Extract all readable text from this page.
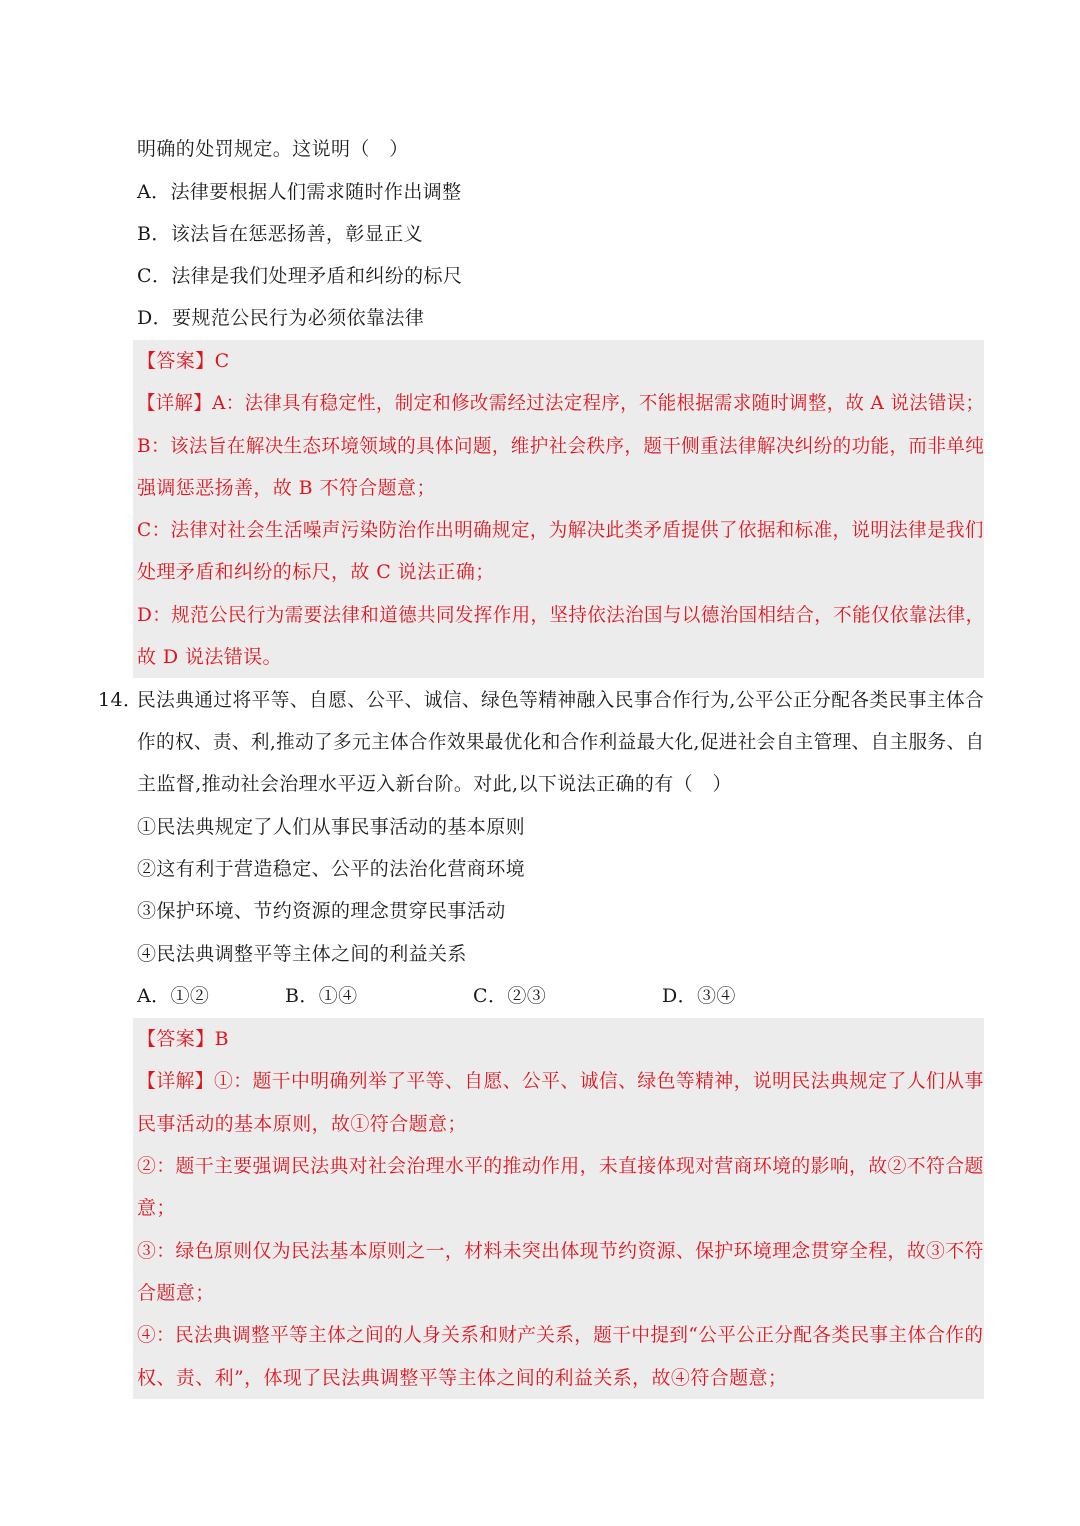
明确的处罚规定。这说明（　）
A．法律要根据人们需求随时作出调整
B．该法旨在惩恶扬善，彰显正义
C．法律是我们处理矛盾和纠纷的标尺
D．要规范公民行为必须依靠法律
【答案】C
【详解】A：法律具有稳定性，制定和修改需经过法定程序，不能根据需求随时调整，故 A 说法错误；
B：该法旨在解决生态环境领域的具体问题，维护社会秩序，题干侧重法律解决纠纷的功能，而非单纯
强调惩恶扬善，故 B 不符合题意；
C：法律对社会生活噪声污染防治作出明确规定，为解决此类矛盾提供了依据和标准，说明法律是我们
处理矛盾和纠纷的标尺，故 C 说法正确；
D：规范公民行为需要法律和道德共同发挥作用，坚持依法治国与以德治国相结合，不能仅依靠法律，
故 D 说法错误。
14．
民法典通过将平等、自愿、公平、诚信、绿色等精神融入民事合作行为,公平公正分配各类民事主体合
作的权、责、利,推动了多元主体合作效果最优化和合作利益最大化,促进社会自主管理、自主服务、自
主监督,推动社会治理水平迈入新台阶。对此,以下说法正确的有（　）
①民法典规定了人们从事民事活动的基本原则
②这有利于营造稳定、公平的法治化营商环境
③保护环境、节约资源的理念贯穿民事活动
④民法典调整平等主体之间的利益关系
A．①②	B．①④	C．②③	D．③④
【答案】B
【详解】①：题干中明确列举了平等、自愿、公平、诚信、绿色等精神，说明民法典规定了人们从事
民事活动的基本原则，故①符合题意；
②：题干主要强调民法典对社会治理水平的推动作用，未直接体现对营商环境的影响，故②不符合题
意；
③：绿色原则仅为民法基本原则之一，材料未突出体现节约资源、保护环境理念贯穿全程，故③不符
合题意；
④：民法典调整平等主体之间的人身关系和财产关系，题干中提到“公平公正分配各类民事主体合作的
权、责、利”，体现了民法典调整平等主体之间的利益关系，故④符合题意；
